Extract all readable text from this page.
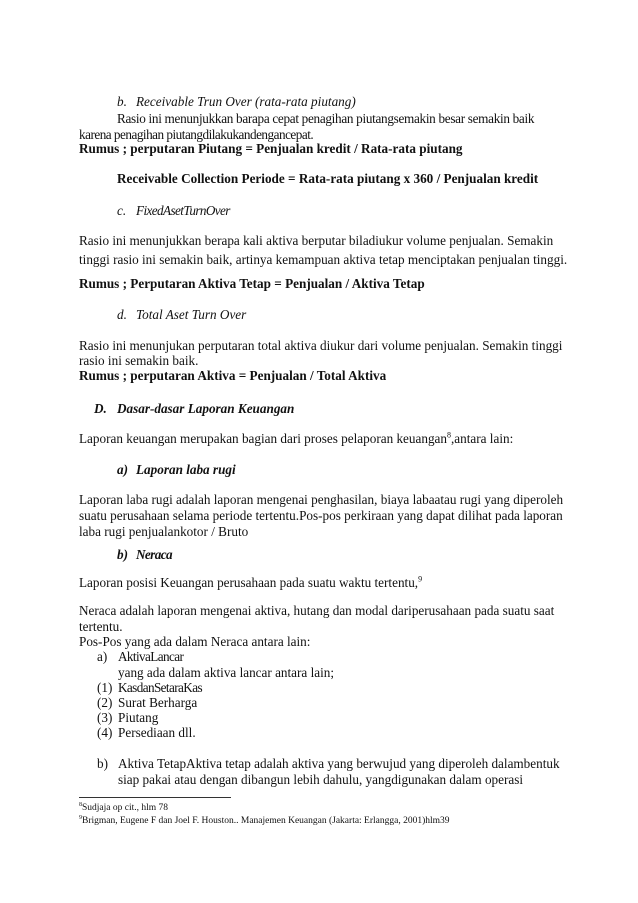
b. Receivable Trun Over (rata-rata piutang)
Rasio ini menunjukkan barapa cepat penagihan piutangsemakin besar semakin baik
karena penagihan piutangdilakukandengancepat.
Rumus ; perputaran Piutang = Penjualan kredit / Rata-rata piutang
Receivable Collection Periode = Rata-rata piutang x 360 / Penjualan kredit
c. FixedAsetTurnOver
Rasio ini menunjukkan berapa kali aktiva berputar biladiukur volume penjualan. Semakin
tinggi rasio ini semakin baik, artinya kemampuan aktiva tetap menciptakan penjualan tinggi.
Rumus ; Perputaran Aktiva Tetap = Penjualan / Aktiva Tetap
d. Total Aset Turn Over
Rasio ini menunjukan perputaran total aktiva diukur dari volume penjualan. Semakin tinggi
rasio ini semakin baik.
Rumus ; perputaran Aktiva = Penjualan / Total Aktiva
D. Dasar-dasar Laporan Keuangan
Laporan keuangan merupakan bagian dari proses pelaporan keuangan$^8$,antara lain:
a) Laporan laba rugi
Laporan laba rugi adalah laporan mengenai penghasilan, biaya labaatau rugi yang diperoleh
suatu perusahaan selama periode tertentu.Pos-pos perkiraan yang dapat dilihat pada laporan
laba rugi penjualankotor / Bruto
b) Neraca
Laporan posisi Keuangan perusahaan pada suatu waktu tertentu,$^9$
Neraca adalah laporan mengenai aktiva, hutang dan modal dariperusahaan pada suatu saat
tertentu.
Pos-Pos yang ada dalam Neraca antara lain:
a) AktivaLancar
yang ada dalam aktiva lancar antara lain;
(1) KasdanSetaraKas
(2) Surat Berharga
(3) Piutang
(4) Persediaan dll.
b) Aktiva TetapAktiva tetap adalah aktiva yang berwujud yang diperoleh dalambentuk
siap pakai atau dengan dibangun lebih dahulu, yangdigunakan dalam operasi
$^8$Sudjaja op cit., hlm 78
$^9$Brigman, Eugene F dan Joel F. Houston.. Manajemen Keuangan (Jakarta: Erlangga, 2001)hlm39
